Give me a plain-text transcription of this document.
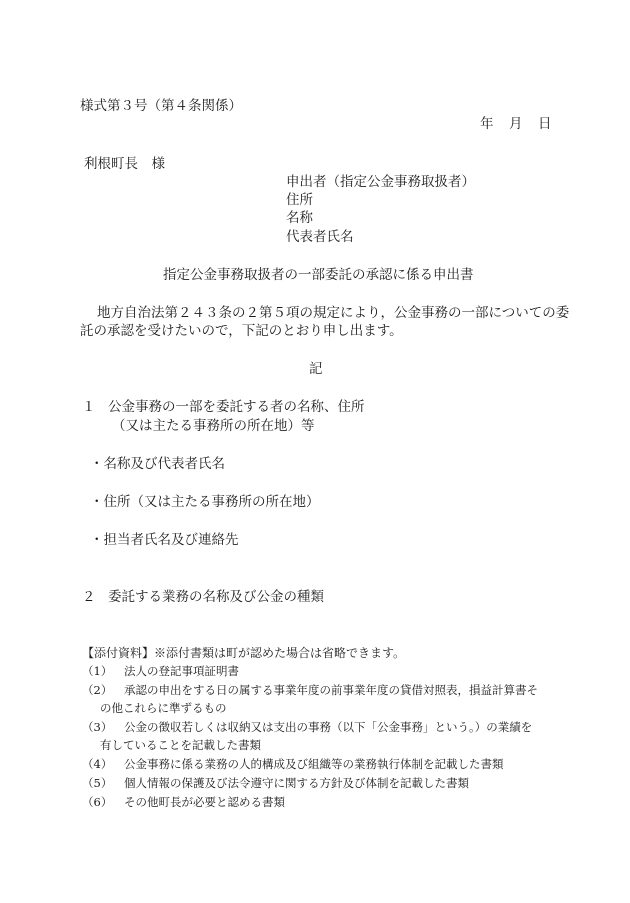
様式第３号（第４条関係）
年　月　日
利根町長　様
申出者（指定公金事務取扱者）
住所
名称
代表者氏名
指定公金事務取扱者の一部委託の承認に係る申出書
地方自治法第２４３条の２第５項の規定により，公金事務の一部についての委
託の承認を受けたいので，下記のとおり申し出ます。
記
１ 公金事務の一部を委託する者の名称、住所
（又は主たる事務所の所在地）等
・名称及び代表者氏名
・住所（又は主たる事務所の所在地）
・担当者氏名及び連絡先
２ 委託する業務の名称及び公金の種類
【添付資料】※添付書類は町が認めた場合は省略できます。
（1） 法人の登記事項証明書
（2） 承認の申出をする日の属する事業年度の前事業年度の貸借対照表，損益計算書そ
の他これらに準ずるもの
（3） 公金の徴収若しくは収納又は支出の事務（以下「公金事務」という。）の業績を
有していることを記載した書類
（4） 公金事務に係る業務の人的構成及び組織等の業務執行体制を記載した書類
（5） 個人情報の保護及び法令遵守に関する方針及び体制を記載した書類
（6） その他町長が必要と認める書類
